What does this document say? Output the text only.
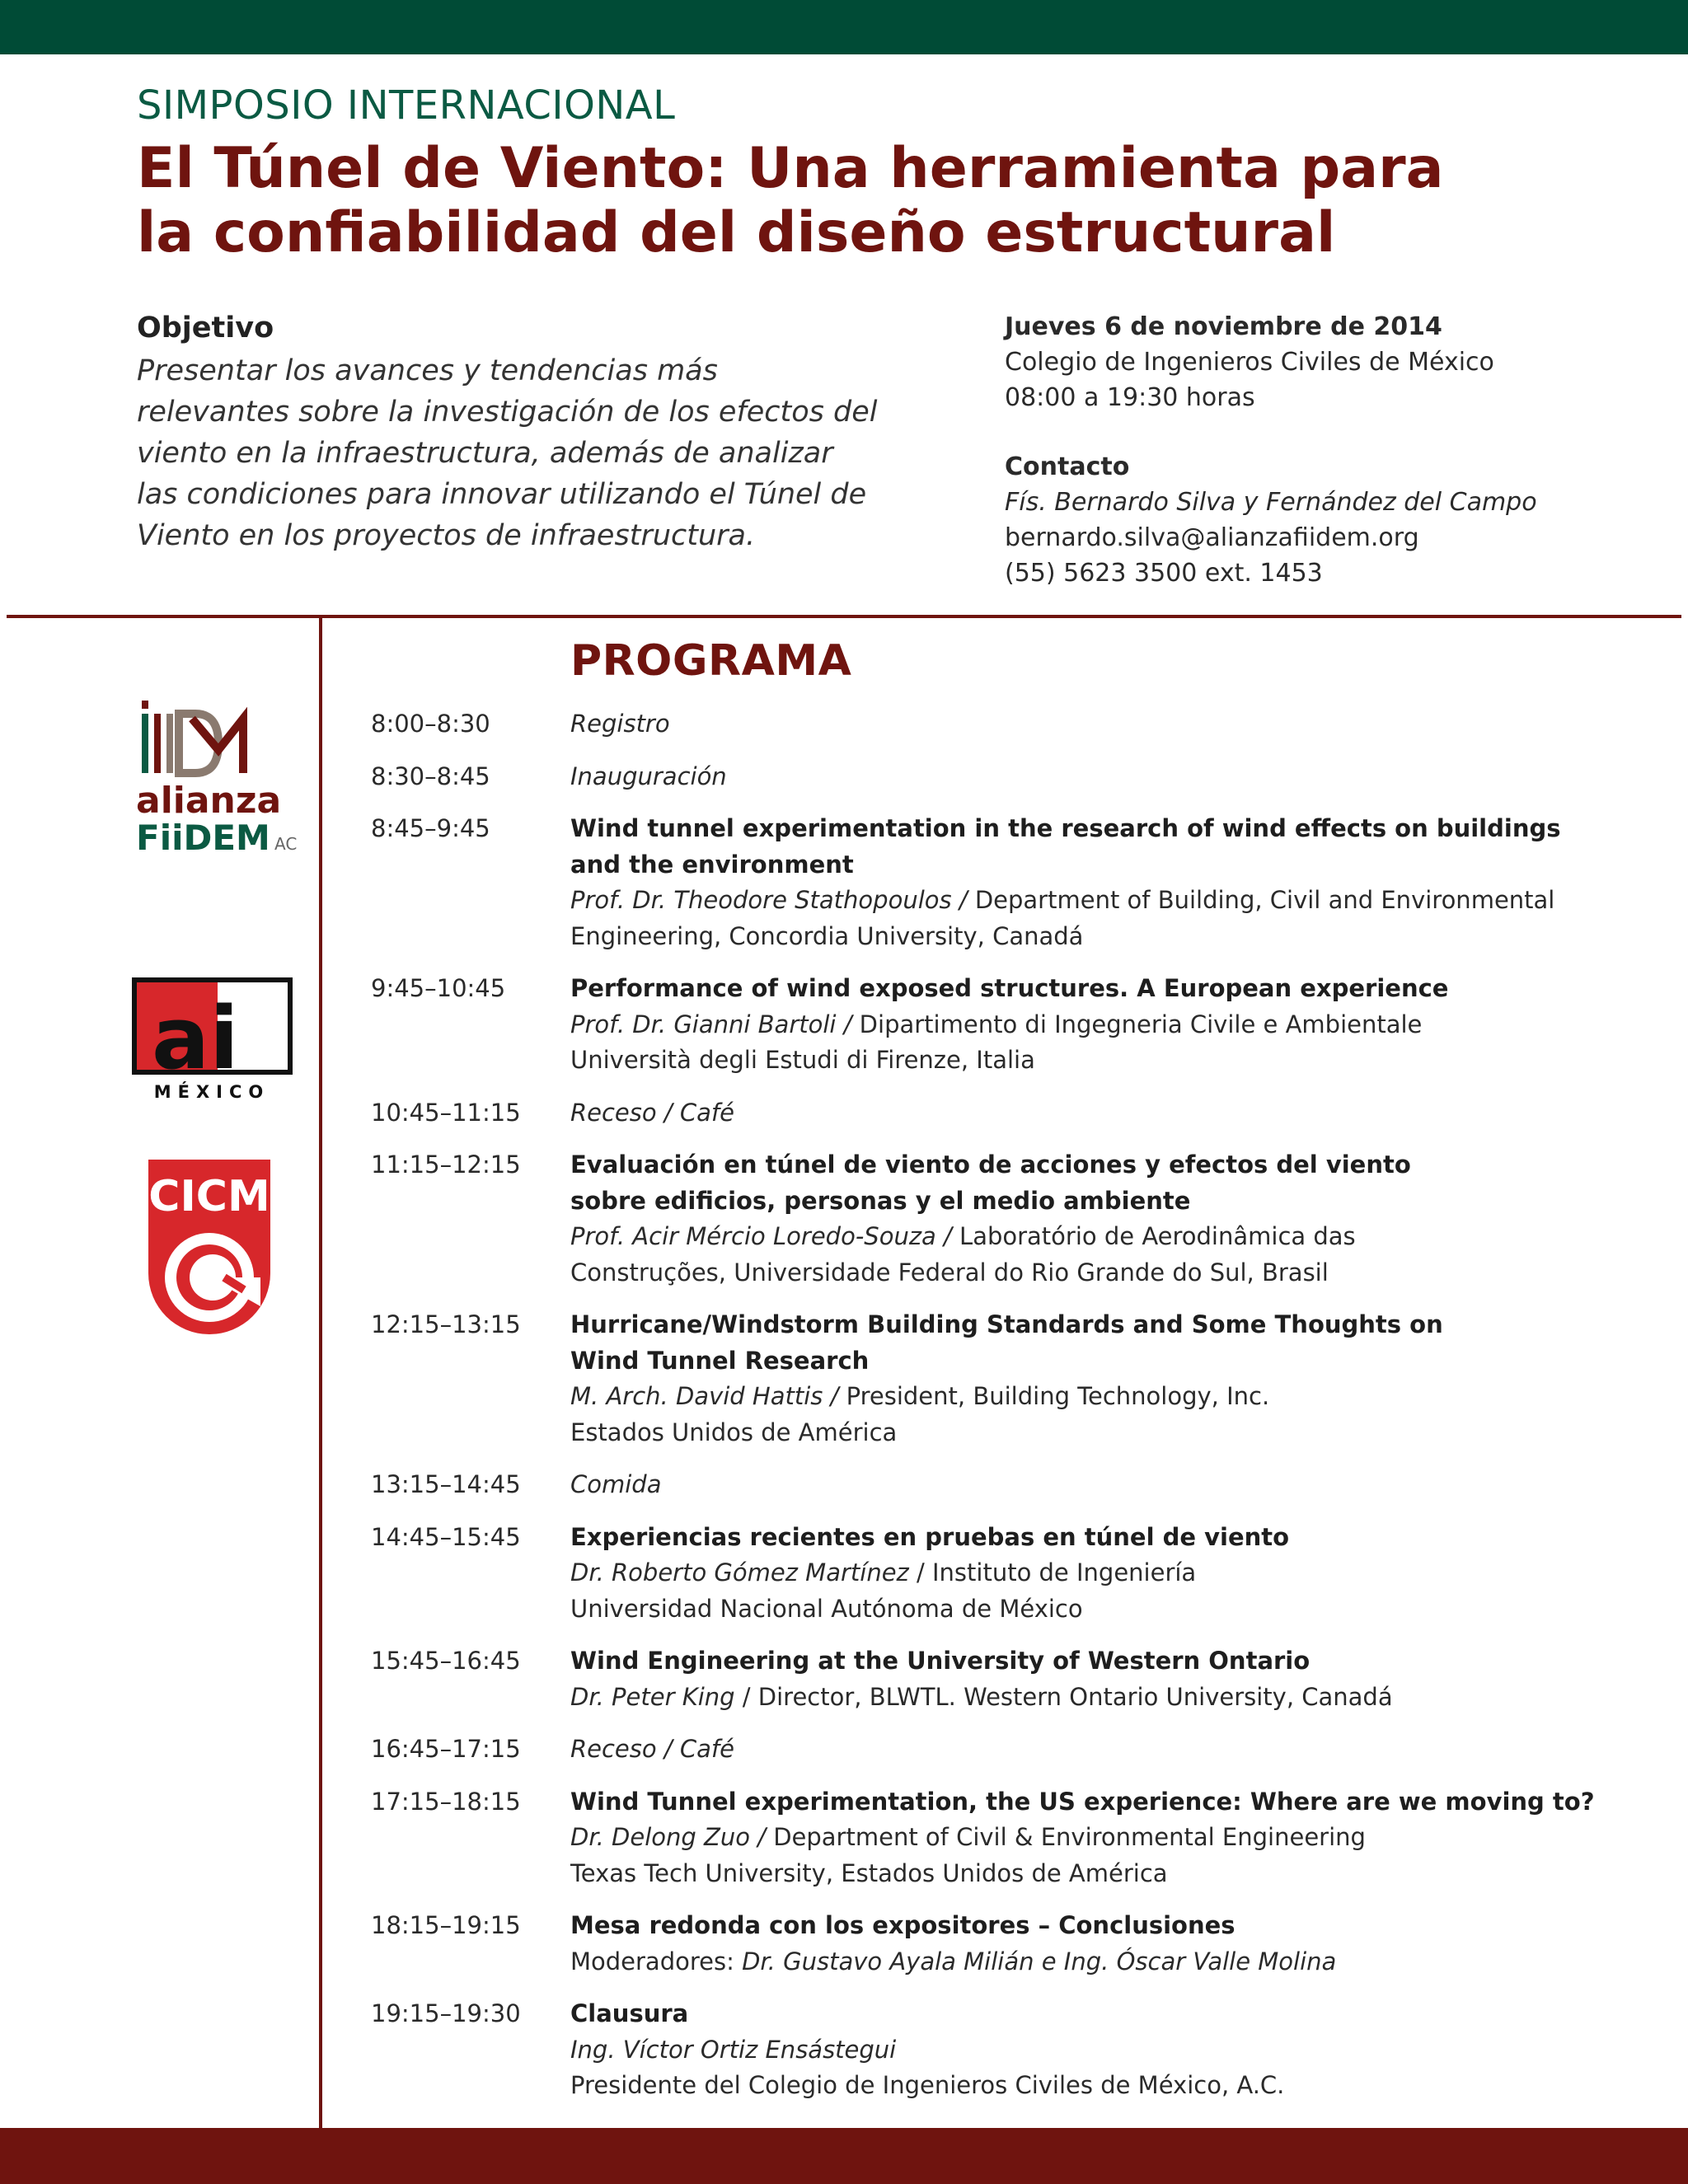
SIMPOSIO INTERNACIONAL
El Túnel de Viento: Una herramienta para
la confiabilidad del diseño estructural
Objetivo
Presentar los avances y tendencias más relevantes sobre la investigación de los efectos del viento en la infraestructura, además de analizar las condiciones para innovar utilizando el Túnel de Viento en los proyectos de infraestructura.
Jueves 6 de noviembre de 2014
Colegio de Ingenieros Civiles de México
08:00 a 19:30 horas
Contacto
Fís. Bernardo Silva y Fernández del Campo
bernardo.silva@alianzafiidem.org
(55) 5623 3500 ext. 1453
alianza
FiiDEM AC
ai
MÉXICO
CICM
PROGRAMA
8:00–8:30	Registro
8:30–8:45	Inauguración
8:45–9:45	Wind tunnel experimentation in the research of wind effects on buildings
and the environment
Prof. Dr. Theodore Stathopoulos / Department of Building, Civil and Environmental
Engineering, Concordia University, Canadá
9:45–10:45	Performance of wind exposed structures. A European experience
Prof. Dr. Gianni Bartoli / Dipartimento di Ingegneria Civile e Ambientale
Università degli Estudi di Firenze, Italia
10:45–11:15	Receso / Café
11:15–12:15	Evaluación en túnel de viento de acciones y efectos del viento
sobre edificios, personas y el medio ambiente
Prof. Acir Mércio Loredo-Souza / Laboratório de Aerodinâmica das
Construções, Universidade Federal do Rio Grande do Sul, Brasil
12:15–13:15	Hurricane/Windstorm Building Standards and Some Thoughts on
Wind Tunnel Research
M. Arch. David Hattis / President, Building Technology, Inc.
Estados Unidos de América
13:15–14:45	Comida
14:45–15:45	Experiencias recientes en pruebas en túnel de viento
Dr. Roberto Gómez Martínez / Instituto de Ingeniería
Universidad Nacional Autónoma de México
15:45–16:45	Wind Engineering at the University of Western Ontario
Dr. Peter King / Director, BLWTL. Western Ontario University, Canadá
16:45–17:15	Receso / Café
17:15–18:15	Wind Tunnel experimentation, the US experience: Where are we moving to?
Dr. Delong Zuo / Department of Civil & Environmental Engineering
Texas Tech University, Estados Unidos de América
18:15–19:15	Mesa redonda con los expositores – Conclusiones
Moderadores: Dr. Gustavo Ayala Milián e Ing. Óscar Valle Molina
19:15–19:30	Clausura
Ing. Víctor Ortiz Ensástegui
Presidente del Colegio de Ingenieros Civiles de México, A.C.
